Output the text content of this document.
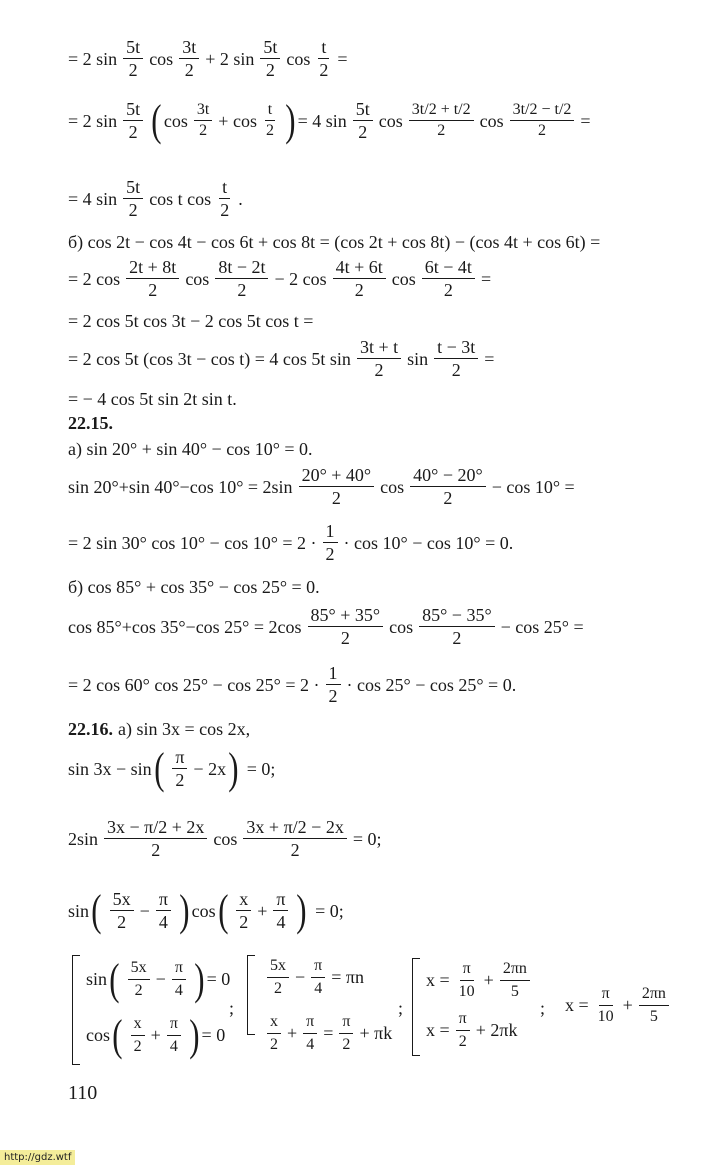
= 2 $\sin \frac{5t}{2}$ $\cos \frac{3t}{2} + 2$ $\sin \frac{5t}{2}$ $\cos \frac{t}{2}$ =
= 2 $\sin \frac{5t}{2}$ ( $\cos \frac{3t}{2} + \cos \frac{t}{2}$ ) = 4 $\sin \frac{5t}{2}$ $\cos \frac{3t/2 + t/2}{2}$ $\cos \frac{3t/2 - t/2}{2}$ =
= 4 $\sin \frac{5t}{2}$ cos t $\cos \frac{t}{2}$ .
б) cos 2t − cos 4t − cos 6t + cos 8t = (cos 2t + cos 8t) − (cos 4t + cos 6t) =
= 2 $\cos \frac{2t + 8t}{2}$ $\cos \frac{8t - 2t}{2} - 2$ $\cos \frac{4t + 6t}{2}$ $\cos \frac{6t - 4t}{2}$ =
= 2 cos 5t cos 3t − 2 cos 5t cos t =
= 2 cos 5t (cos 3t − cos t) = 4 cos 5t $\sin \frac{3t + t}{2}$ $\sin \frac{t - 3t}{2}$ =
= − 4 cos 5t sin 2t sin t.
22.15.
а) sin 20° + sin 40° − cos 10° = 0.
sin 20°+sin 40°−cos $10^\circ = 2\sin \frac{20^\circ + 40^\circ}{2}$ $\cos \frac{40^\circ - 20^\circ}{2} - \cos 10^\circ$ =
= 2 sin 30° $\cos 10^\circ - \cos 10^\circ = 2 \cdot \frac{1}{2} \cdot \cos 10^\circ - \cos 10^\circ = 0$.
б) cos 85° + cos 35° − cos 25° = 0.
cos 85°+cos 35°−cos $25^\circ = 2\cos \frac{85^\circ + 35^\circ}{2}$ $\cos \frac{85^\circ - 35^\circ}{2} - \cos 25^\circ$ =
= 2 cos 60° $\cos 25^\circ - \cos 25^\circ = 2 \cdot \frac{1}{2} \cdot \cos 25^\circ - \cos 25^\circ = 0$.
22.16. а) sin 3x = cos 2x,
sin 3x − sin ( $\frac{\pi}{2} - 2x$ ) = 0;
$2\sin \frac{3x - \pi/2 + 2x}{2}$ $\cos \frac{3x + \pi/2 - 2x}{2} = 0$;
sin ( $\frac{5x}{2} - \frac{\pi}{4}$ ) cos ( $\frac{x}{2} + \frac{\pi}{4}$ ) = 0;
sin ( $\frac{5x}{2} - \frac{\pi}{4}$ ) = 0
cos ( $\frac{x}{2} + \frac{\pi}{4}$ ) = 0
;
$\frac{5x}{2} - \frac{\pi}{4} = \pi n$
$\frac{x}{2} + \frac{\pi}{4} = \frac{\pi}{2} + \pi k$
;
$x = \frac{\pi}{10} + \frac{2\pi n}{5}$
$x = \frac{\pi}{2} + 2\pi k$
; $x = \frac{\pi}{10} + \frac{2\pi n}{5}$
110
http://gdz.wtf
